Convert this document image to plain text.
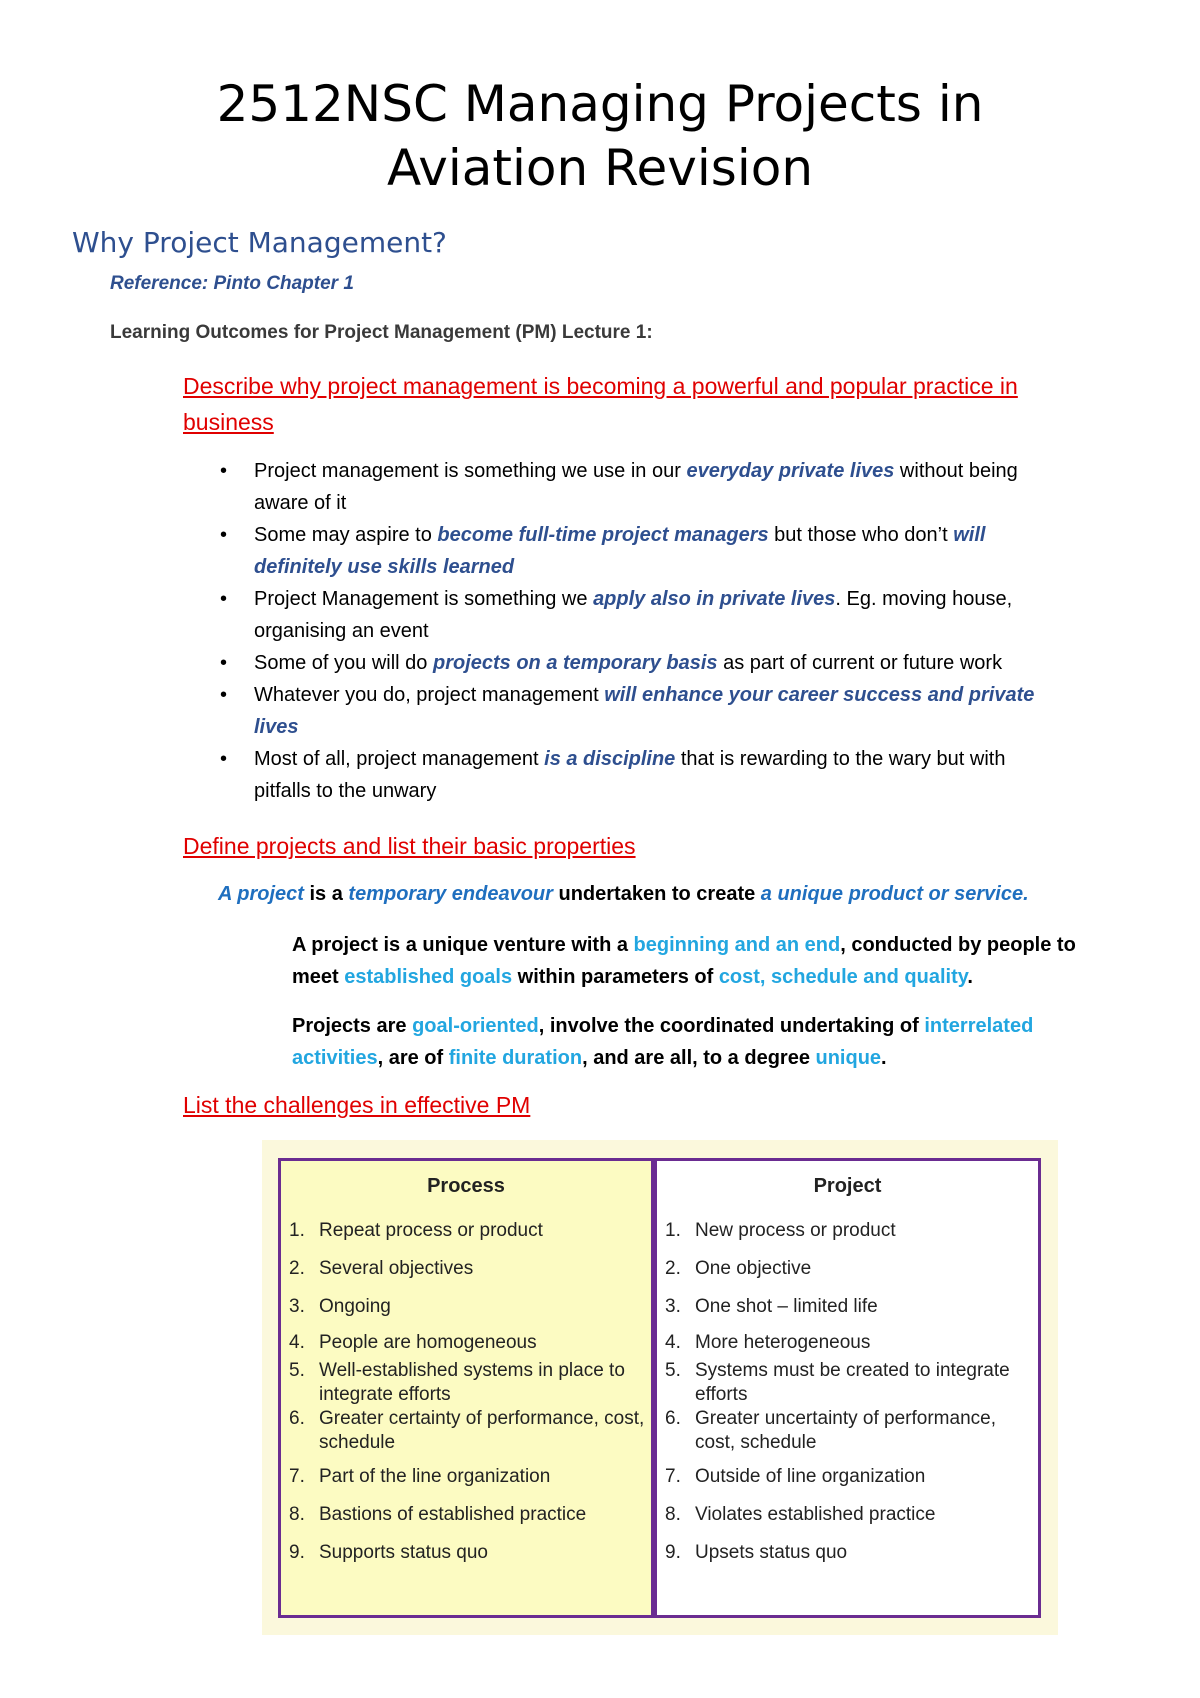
2512NSC Managing Projects in
Aviation Revision
Why Project Management?
Reference: Pinto Chapter 1
Learning Outcomes for Project Management (PM) Lecture 1:
Describe why project management is becoming a powerful and popular practice in
business
• Project management is something we use in our everyday private lives without being
aware of it
• Some may aspire to become full-time project managers but those who don’t will
definitely use skills learned
• Project Management is something we apply also in private lives. Eg. moving house,
organising an event
• Some of you will do projects on a temporary basis as part of current or future work
• Whatever you do, project management will enhance your career success and private
lives
• Most of all, project management is a discipline that is rewarding to the wary but with
pitfalls to the unwary
Define projects and list their basic properties
A project is a temporary endeavour undertaken to create a unique product or service.
A project is a unique venture with a beginning and an end, conducted by people to
meet established goals within parameters of cost, schedule and quality.
Projects are goal-oriented, involve the coordinated undertaking of interrelated
activities, are of finite duration, and are all, to a degree unique.
List the challenges in effective PM
Process
1. Repeat process or product
2. Several objectives
3. Ongoing
4. People are homogeneous
5. Well-established systems in place to integrate efforts
6. Greater certainty of performance, cost, schedule
7. Part of the line organization
8. Bastions of established practice
9. Supports status quo
Project
1. New process or product
2. One objective
3. One shot – limited life
4. More heterogeneous
5. Systems must be created to integrate efforts
6. Greater uncertainty of performance, cost, schedule
7. Outside of line organization
8. Violates established practice
9. Upsets status quo
